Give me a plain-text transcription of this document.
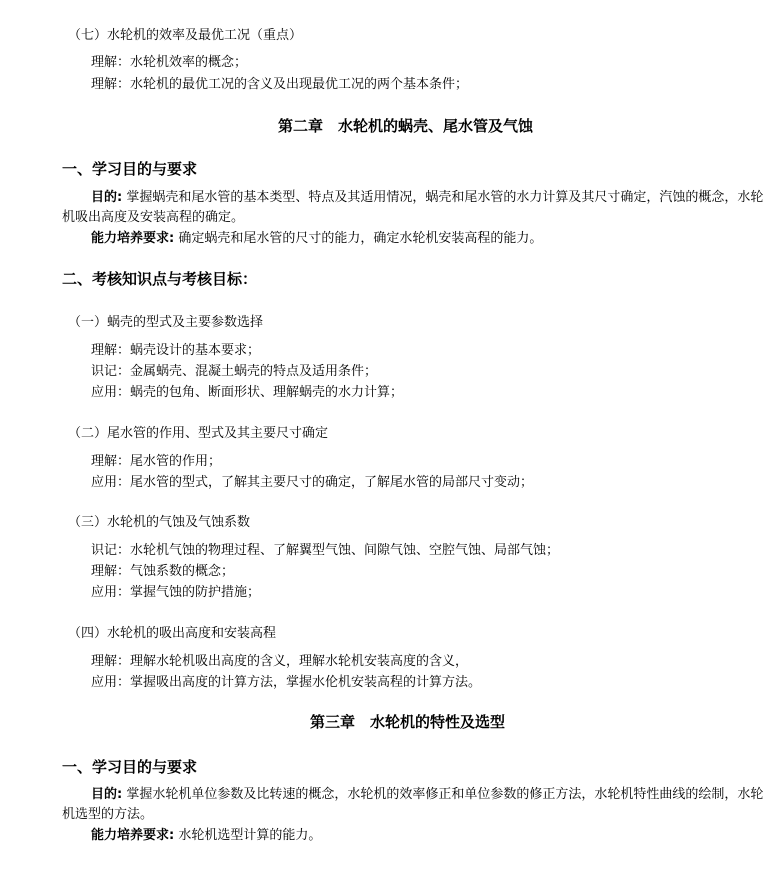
（七）水轮机的效率及最优工况（重点）
理解：水轮机效率的概念；
理解：水轮机的最优工况的含义及出现最优工况的两个基本条件；
第二章　水轮机的蜗壳、尾水管及气蚀
一、学习目的与要求
目的: 掌握蜗壳和尾水管的基本类型、特点及其适用情况，蜗壳和尾水管的水力计算及其尺寸确定，汽蚀的概念，水轮机吸出高度及安装高程的确定。
能力培养要求: 确定蜗壳和尾水管的尺寸的能力，确定水轮机安装高程的能力。
二、考核知识点与考核目标：
（一）蜗壳的型式及主要参数选择
理解：蜗壳设计的基本要求；
识记：金属蜗壳、混凝土蜗壳的特点及适用条件；
应用：蜗壳的包角、断面形状、理解蜗壳的水力计算；
（二）尾水管的作用、型式及其主要尺寸确定
理解：尾水管的作用；
应用：尾水管的型式，了解其主要尺寸的确定，了解尾水管的局部尺寸变动；
（三）水轮机的气蚀及气蚀系数
识记：水轮机气蚀的物理过程、了解翼型气蚀、间隙气蚀、空腔气蚀、局部气蚀；
理解：气蚀系数的概念；
应用：掌握气蚀的防护措施；
（四）水轮机的吸出高度和安装高程
理解：理解水轮机吸出高度的含义，理解水轮机安装高度的含义，
应用：掌握吸出高度的计算方法，掌握水伦机安装高程的计算方法。
第三章　水轮机的特性及选型
一、学习目的与要求
目的: 掌握水轮机单位参数及比转速的概念，水轮机的效率修正和单位参数的修正方法，水轮机特性曲线的绘制，水轮机选型的方法。
能力培养要求: 水轮机选型计算的能力。
